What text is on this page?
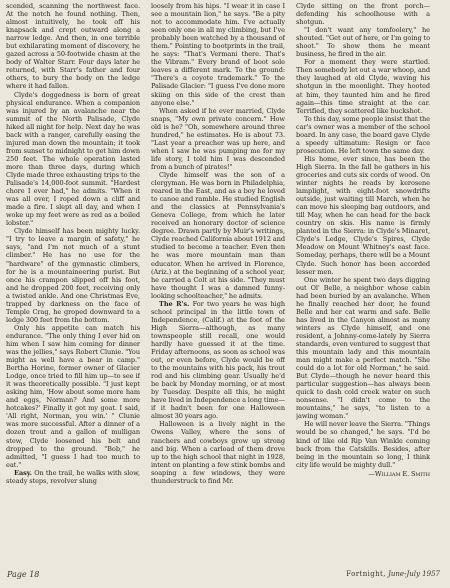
scended, scanning the northwest face. At the notch he found nothing. Then, almost intuitively, he took off his knapsack and crept outward along a narrow ledge. And then, in one terrible but exhilarating moment of discovery, he gazed across a 50-footwide chasm at the body of Walter Starr. Four days later he returned, with Starr's father and four others, to bury the body on the ledge where it had fallen.

Clyde's doggedness is born of great physical endurance. When a companion was injured by an avalanche near the summit of the North Palisade, Clyde hiked all night for help. Next day he was back with a ranger, carefully easing the injured man down the mountain; it took from sunset to midnight to get him down 250 feet. The whole operation lasted more than three days, during which Clyde made three exhausting trips to the Palisade's 14,000-foot summit. "Hardest chore I ever had," he admits. "When it was all over, I roped down a cliff and made a fire. I slept all day, and when I woke up my feet were as red as a boiled lobster."

Clyde himself has been mighty lucky. "I try to leave a margin of safety," he says, "and I'm not much of a stunt climber." He has no use for the "hardware" of the gymnastic climbers, for he is a mountaineering purist. But once his crampon slipped off his foot, and he dropped 200 feet, receiving only a twisted ankle. And one Christmas Eve, trapped by darkness on the face of Temple Crag, he groped downward to a ledge 300 feet from the bottom.

Only his appetite can match his endurance. "The only thing I ever hid on him when I saw him coming for dinner was the jellies," says Robert Clunie. "You might as well have a bear in camp." Bertha Horine, former owner of Glacier Lodge, once tried to fill him up—to see if it was theoretically possible. "I just kept asking him, 'How about some more ham and eggs, Norman? And some more hotcakes?' Finally it got my goat. I said, 'All right, Norman, you win.' " Clunie was more successful. After a dinner of a dozen trout and a gallon of mulligan stew, Clyde loosened his belt and dropped to the ground. "Bob," he admitted, "I guess I had too much to eat."

Easy. On the trail, he walks with slow, steady steps, revolver slung

loosely from his hips. "I wear it in case I see a mountain lion," he says. "Be a pity not to accommodate him. I've actually seen only one in all my climbing, but I've probably been watched by a thousand of them." Pointing to bootprints in the trail, he says: "That's Vermani there. That's the Vibram." Every brand of boot sole leaves a different mark. To the ground: "There's a coyote trademark." To the Palisade Glacier: "I guess I've done more skiing on this side of the crest than anyone else."

When asked if he ever married, Clyde snaps, "My own private concern." How old is he? "Oh, somewhere around three hundred," he estimates. He is about 73. "Last year a preacher was up here, and when I saw he was pumping me for my life story, I told him I was descended from a bunch of pirates!"

Clyde himself was the son of a clergyman. He was born in Philadelphia, reared in the East, and as a boy he loved to canoe and ramble. He studied English and the classics at Pennsylvania's Geneva College, from which he later received an honorary doctor of science degree. Drawn partly by Muir's writings, Clyde reached California about 1912 and studied to become a teacher. Even then he was more mountain man than educator. When he arrived in Florence, (Ariz.) at the beginning of a school year, he carried a Colt at his side. "They must have thought I was a damned funny-looking schoolteacher," he admits.

The R's. For two years he was high school principal in the little town of Independence, (Calif.) at the foot of the High Sierra—although, as many townspeople still recall, one would hardly have guessed it at the time. Friday afternoons, as soon as school was out, or even before, Clyde would be off to the mountains with his pack, his trout rod and his climbing gear. Usually he'd be back by Monday morning, or at most by Tuesday. Despite all this, he might have lived in Independence a long time—if it hadn't been for one Halloween almost 30 years ago.

Halloween is a lively night in the Owens Valley, where the sons of ranchers and cowboys grow up strong and big. When a carload of them drove up to the high school that night in 1928, intent on planting a few stink bombs and soaping a few windows, they were thunderstruck to find Mr.

Clyde sitting on the front porch—defending his schoolhouse with a shotgun.

"I don't want any tomfoolery," he shouted. "Get out of here, or I'm going to shoot." To show them he meant business, he fired in the air.

For a moment they were startled. Then somebody let out a war whoop, and they laughed at old Clyde, waving his shotgun in the moonlight. They hooted at him, they taunted him and he fired again—this time straight at the car. Terrified, they scattered like buckshot.

To this day, some people insist that the car's owner was a member of the school board. In any case, the board gave Clyde a speedy ultimatum: Resign or face prosecution. He left town the same day.

His home, ever since, has been the High Sierra. In the fall he gathers in his groceries and cuts six cords of wood. On winter nights he reads by kerosene lamplight, with eight-foot snowdrifts outside, just waiting till March, when he can move his sleeping bag outdoors, and till May, when he can head for the back country on skis. His name is firmly planted in the Sierra: in Clyde's Minaret, Clyde's Ledge, Clyde's Spires, Clyde Meadow on Mount Whitney's east face. Someday, perhaps, there will be a Mount Clyde. Such honor has been accorded lesser men.

One winter he spent two days digging out Ol' Belle, a neighbor whose cabin had been buried by an avalanche. When he finally reached her door, he found Belle and her cat warm and safe. Belle has lived in the Canyon almost as many winters as Clyde himself, and one resident, a Johnny-come-lately by Sierra standards, even ventured to suggest that this mountain lady and this mountain man might make a perfect match. "She could do a lot for old Norman," he said. But Clyde—though he never heard this particular suggestion—has always been quick to dash cold creek water on such nonsense. "I didn't come to the mountains," he says, "to listen to a jawing woman."

He will never leave the Sierra. "Things would be so changed," he says. "I'd be kind of like old Rip Van Winkle coming back from the Catskills. Besides, after being in the mountain so long, I think city life would be mighty dull."

—William E. Smith

Page 18	Fortnight, June-July 1957
